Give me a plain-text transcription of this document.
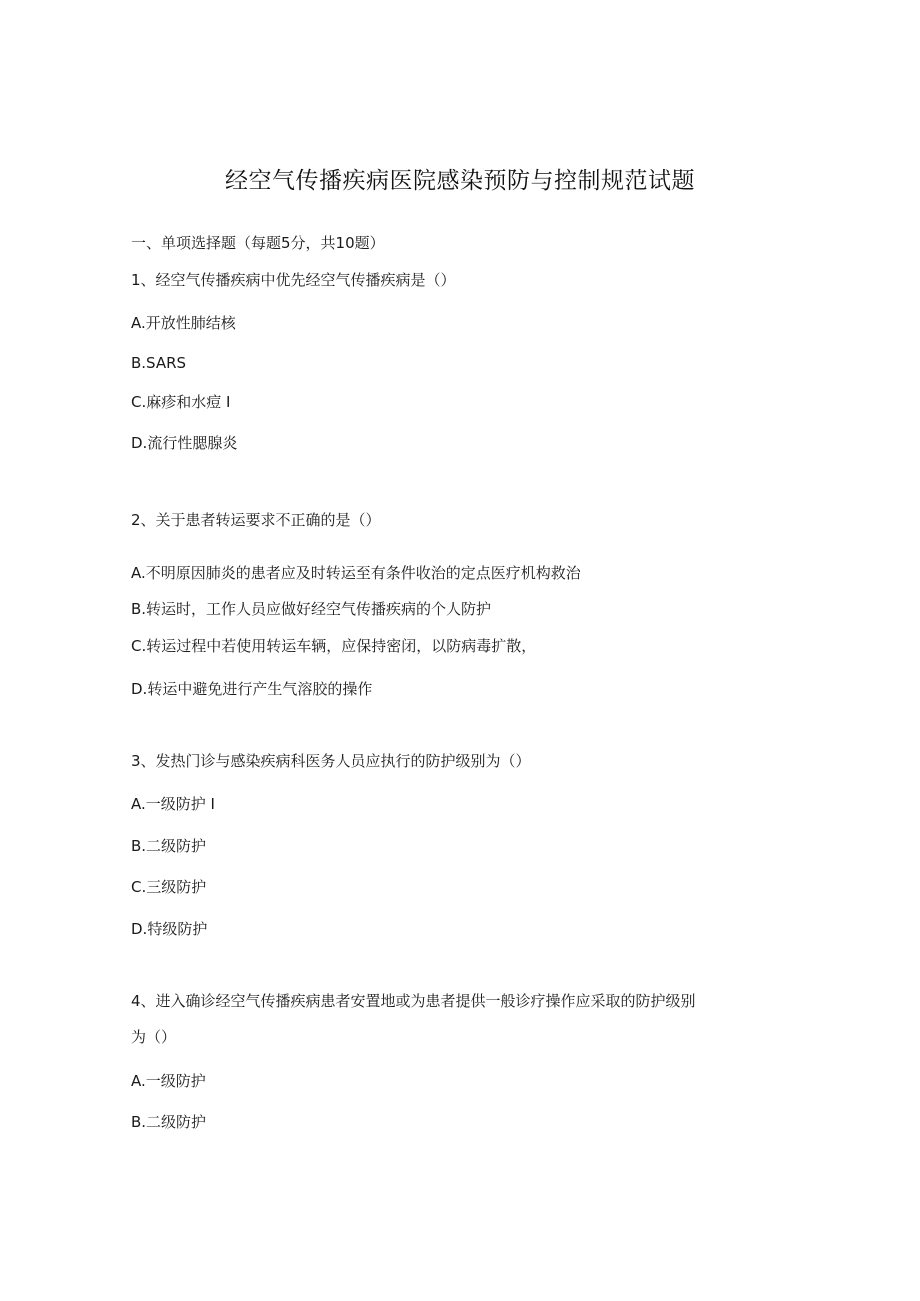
经空气传播疾病医院感染预防与控制规范试题
一、单项选择题（每题5分，共10题）
1、经空气传播疾病中优先经空气传播疾病是（）
A.开放性肺结核
B.SARS
C.麻疹和水痘 I
D.流行性腮腺炎
2、关于患者转运要求不正确的是（）
A.不明原因肺炎的患者应及时转运至有条件收治的定点医疗机构救治
B.转运时，工作人员应做好经空气传播疾病的个人防护
C.转运过程中若使用转运车辆，应保持密闭，以防病毒扩散，
D.转运中避免进行产生气溶胶的操作
3、发热门诊与感染疾病科医务人员应执行的防护级别为（）
A.一级防护 I
B.二级防护
C.三级防护
D.特级防护
4、进入确诊经空气传播疾病患者安置地或为患者提供一般诊疗操作应采取的防护级别
为（）
A.一级防护
B.二级防护
